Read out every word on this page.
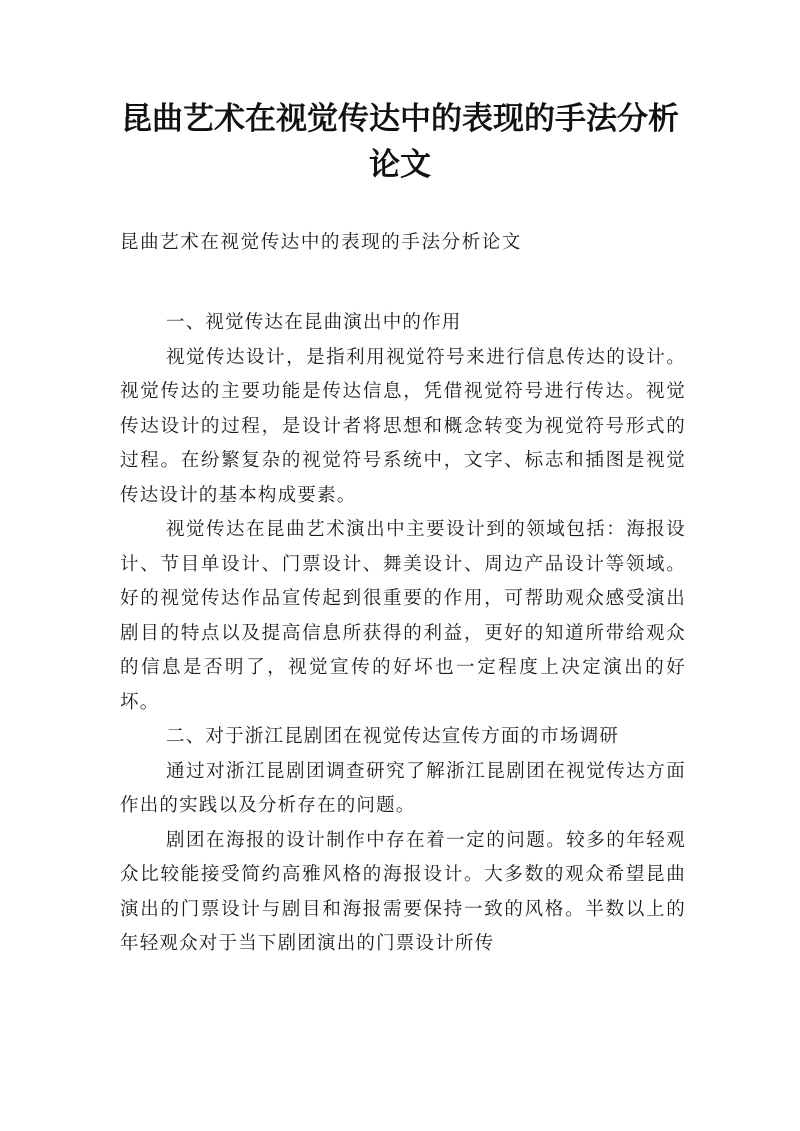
昆曲艺术在视觉传达中的表现的手法分析论文
昆曲艺术在视觉传达中的表现的手法分析论文

一、视觉传达在昆曲演出中的作用

视觉传达设计，是指利用视觉符号来进行信息传达的设计。视觉传达的主要功能是传达信息，凭借视觉符号进行传达。视觉传达设计的过程，是设计者将思想和概念转变为视觉符号形式的过程。在纷繁复杂的视觉符号系统中，文字、标志和插图是视觉传达设计的基本构成要素。

视觉传达在昆曲艺术演出中主要设计到的领域包括：海报设计、节目单设计、门票设计、舞美设计、周边产品设计等领域。好的视觉传达作品宣传起到很重要的作用，可帮助观众感受演出剧目的特点以及提高信息所获得的利益，更好的知道所带给观众的信息是否明了，视觉宣传的好坏也一定程度上决定演出的好坏。

二、对于浙江昆剧团在视觉传达宣传方面的市场调研

通过对浙江昆剧团调查研究了解浙江昆剧团在视觉传达方面作出的实践以及分析存在的问题。

剧团在海报的设计制作中存在着一定的问题。较多的年轻观众比较能接受简约高雅风格的海报设计。大多数的观众希望昆曲演出的门票设计与剧目和海报需要保持一致的风格。半数以上的年轻观众对于当下剧团演出的门票设计所传
